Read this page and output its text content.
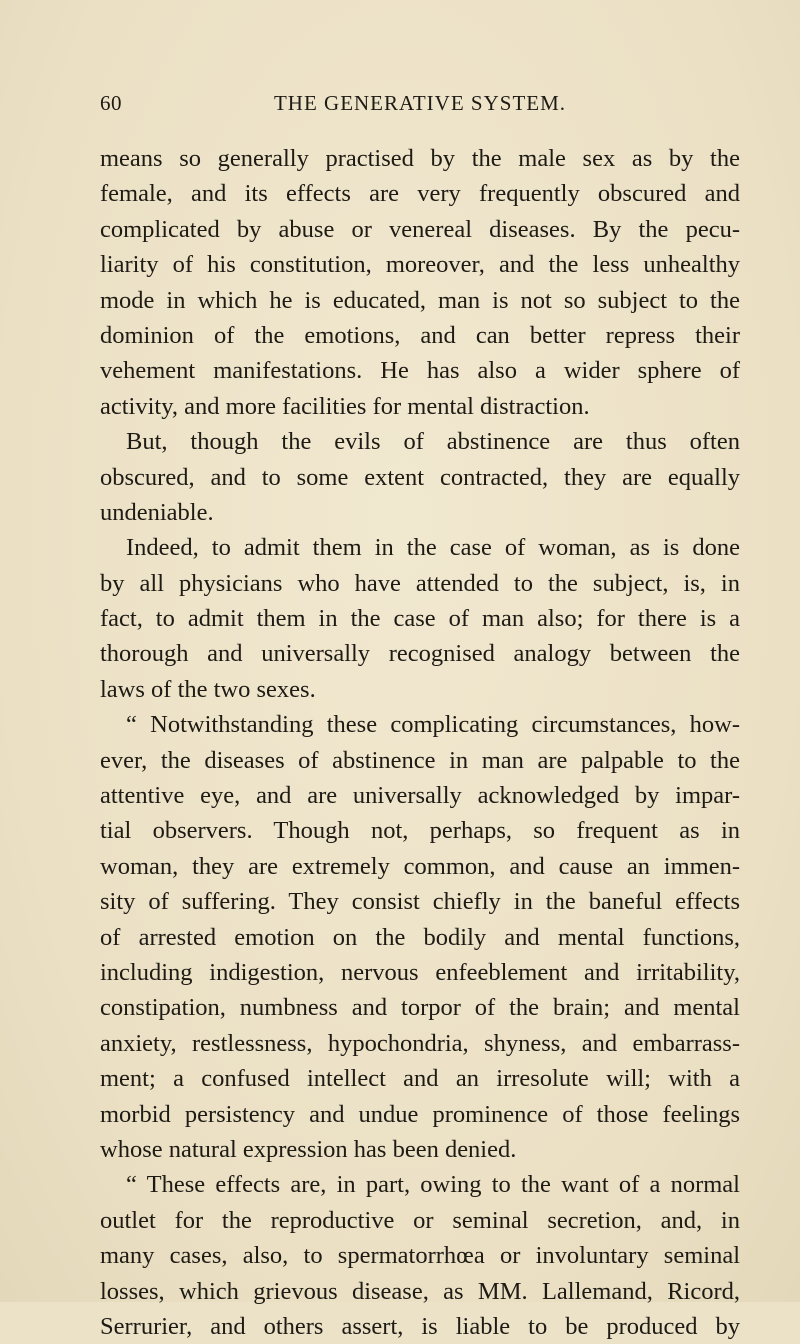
60	THE GENERATIVE SYSTEM.
means so generally practised by the male sex as by the
female, and its effects are very frequently obscured and
complicated by abuse or venereal diseases. By the pecu-
liarity of his constitution, moreover, and the less unhealthy
mode in which he is educated, man is not so subject to the
dominion of the emotions, and can better repress their
vehement manifestations. He has also a wider sphere of
activity, and more facilities for mental distraction.
But, though the evils of abstinence are thus often
obscured, and to some extent contracted, they are equally
undeniable.
Indeed, to admit them in the case of woman, as is done
by all physicians who have attended to the subject, is, in
fact, to admit them in the case of man also; for there is a
thorough and universally recognised analogy between the
laws of the two sexes.
“ Notwithstanding these complicating circumstances, how-
ever, the diseases of abstinence in man are palpable to the
attentive eye, and are universally acknowledged by impar-
tial observers. Though not, perhaps, so frequent as in
woman, they are extremely common, and cause an immen-
sity of suffering. They consist chiefly in the baneful effects
of arrested emotion on the bodily and mental functions,
including indigestion, nervous enfeeblement and irritability,
constipation, numbness and torpor of the brain; and mental
anxiety, restlessness, hypochondria, shyness, and embarrass-
ment; a confused intellect and an irresolute will; with a
morbid persistency and undue prominence of those feelings
whose natural expression has been denied.
“ These effects are, in part, owing to the want of a normal
outlet for the reproductive or seminal secretion, and, in
many cases, also, to spermatorrhœa or involuntary seminal
losses, which grievous disease, as MM. Lallemand, Ricord,
Serrurier, and others assert, is liable to be produced by
